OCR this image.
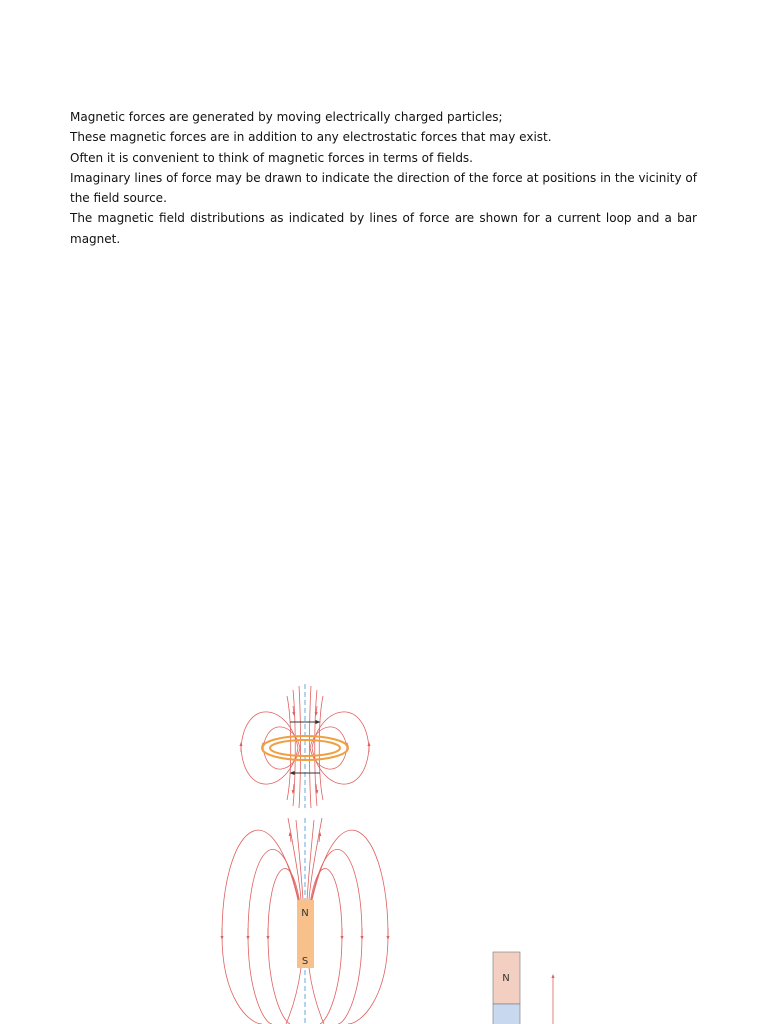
Magnetic forces are generated by moving electrically charged particles;

These magnetic forces are in addition to any electrostatic forces that may exist.

Often it is convenient to think of magnetic forces in terms of fields.

Imaginary lines of force may be drawn to indicate the direction of the force at positions in the vicinity of the field source.

The magnetic field distributions as indicated by lines of force are shown for a current loop and a bar magnet.

N
S
N
